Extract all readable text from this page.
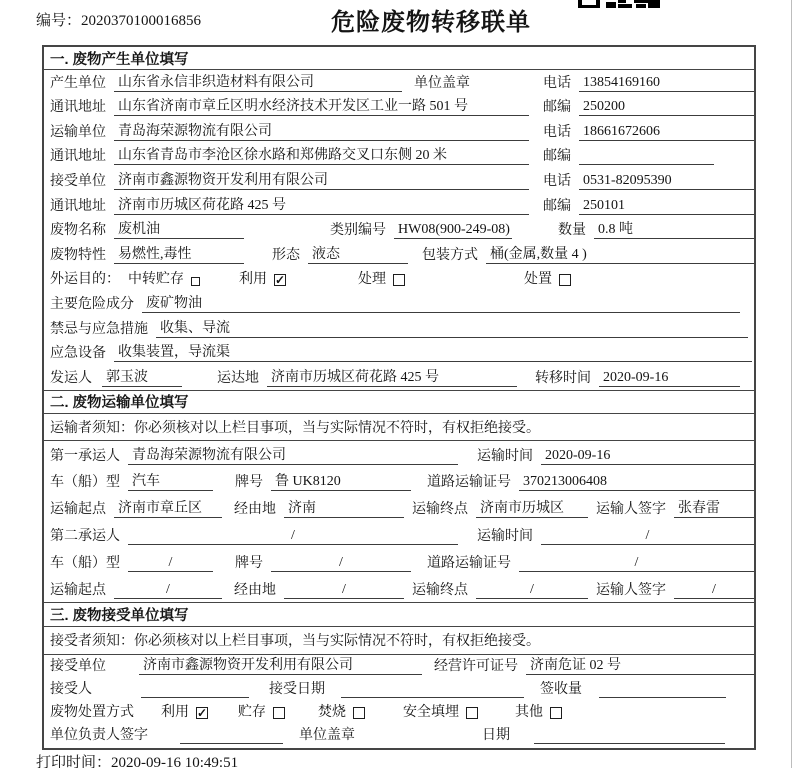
编号：2020370100016856	危险废物转移联单
一. 废物产生单位填写
产生单位 山东省永信非织造材料有限公司	单位盖章	电话 13854169160
通讯地址 山东省济南市章丘区明水经济技术开发区工业一路 501 号	邮编 250200
运输单位 青岛海荣源物流有限公司	电话 18661672606
通讯地址 山东省青岛市李沧区徐水路和郑佛路交叉口东侧 20 米	邮编
接受单位 济南市鑫源物资开发利用有限公司	电话 0531-82095390
通讯地址 济南市历城区荷花路 425 号	邮编 250101
废物名称 废机油	类别编号 HW08(900-249-08)	数量 0.8 吨
废物特性 易燃性,毒性	形态 液态	包装方式 桶(金属,数量 4 )
外运目的： 中转贮存	利用 ✓	处理	处置
主要危险成分 废矿物油
禁忌与应急措施 收集、导流
应急设备 收集装置，导流渠
发运人 郭玉波	运达地 济南市历城区荷花路 425 号	转移时间 2020-09-16
二. 废物运输单位填写
运输者须知：你必须核对以上栏目事项，当与实际情况不符时，有权拒绝接受。
第一承运人 青岛海荣源物流有限公司	运输时间 2020-09-16
车（船）型 汽车	牌号 鲁 UK8120	道路运输证号 370213006408
运输起点 济南市章丘区	经由地 济南	运输终点 济南市历城区	运输人签字 张春雷
第二承运人	/	运输时间	/
车（船）型	/	牌号	/	道路运输证号	/
运输起点	/	经由地	/	运输终点	/	运输人签字	/
三. 废物接受单位填写
接受者须知：你必须核对以上栏目事项，当与实际情况不符时，有权拒绝接受。
接受单位	济南市鑫源物资开发利用有限公司	经营许可证号 济南危证 02 号
接受人	接受日期	签收量
废物处置方式 利用 ✓ 贮存	焚烧	安全填埋	其他
单位负责人签字	单位盖章	日期
打印时间：2020-09-16 10:49:51
